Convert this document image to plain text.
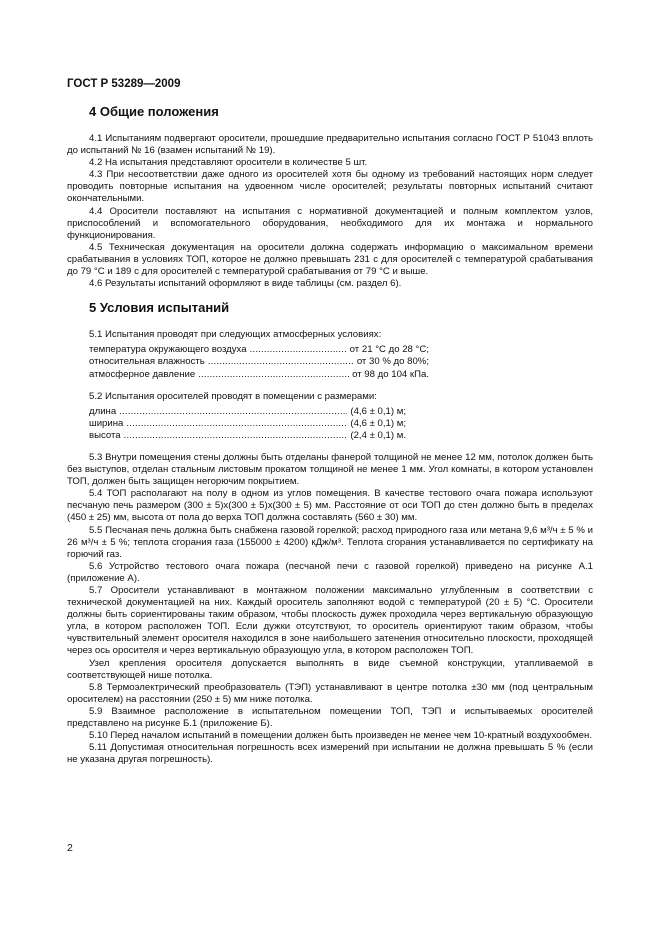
ГОСТ Р 53289—2009
4 Общие положения

4.1 Испытаниям подвергают оросители, прошедшие предварительно испытания согласно ГОСТ Р 51043 вплоть до испытаний № 16 (взамен испытаний № 19).

4.2 На испытания представляют оросители в количестве 5 шт.

4.3 При несоответствии даже одного из оросителей хотя бы одному из требований настоящих норм следует проводить повторные испытания на удвоенном числе оросителей; результаты повторных испытаний считают окончательными.

4.4 Оросители поставляют на испытания с нормативной документацией и полным комплектом узлов, приспособлений и вспомогательного оборудования, необходимого для их монтажа и нормального функционирования.

4.5 Техническая документация на оросители должна содержать информацию о максимальном времени срабатывания в условиях ТОП, которое не должно превышать 231 с для оросителей с температурой срабатывания до 79 °С и 189 с для оросителей с температурой срабатывания от 79 °С и выше.

4.6 Результаты испытаний оформляют в виде таблицы (см. раздел 6).

5 Условия испытаний

5.1 Испытания проводят при следующих атмосферных условиях:

температура окружающего воздуха .....	от 21 °С до 28 °С;
относительная влажность .....	от 30 % до 80%;
атмосферное давление .....	от 98 до 104 кПа.

5.2 Испытания оросителей проводят в помещении с размерами:

длина .....	(4,6 ± 0,1) м;
ширина .....	(4,6 ± 0,1) м;
высота .....	(2,4 ± 0,1) м.

5.3 Внутри помещения стены должны быть отделаны фанерой толщиной не менее 12 мм, потолок должен быть без выступов, отделан стальным листовым прокатом толщиной не менее 1 мм. Угол комнаты, в котором установлен ТОП, должен быть защищен негорючим покрытием.

5.4 ТОП располагают на полу в одном из углов помещения. В качестве тестового очага пожара используют песчаную печь размером (300 ± 5)х(300 ± 5)х(300 ± 5) мм. Расстояние от оси ТОП до стен должно быть в пределах (450 ± 25) мм, высота от пола до верха ТОП должна составлять (560 ± 30) мм.

5.5 Песчаная печь должна быть снабжена газовой горелкой; расход природного газа или метана 9,6 м³/ч ± 5 % и 26 м³/ч ± 5 %; теплота сгорания газа (155000 ± 4200) кДж/м³. Теплота сгорания устанавливается по сертификату на горючий газ.

5.6 Устройство тестового очага пожара (песчаной печи с газовой горелкой) приведено на рисунке А.1 (приложение А).

5.7 Оросители устанавливают в монтажном положении максимально углубленным в соответствии с технической документацией на них. Каждый ороситель заполняют водой с температурой (20 ± 5) °С. Оросители должны быть сориентированы таким образом, чтобы плоскость дужек проходила через вертикальную образующую угла, в котором расположен ТОП. Если дужки отсутствуют, то ороситель ориентируют таким образом, чтобы чувствительный элемент оросителя находился в зоне наибольшего затенения относительно плоскости, проходящей через ось оросителя и через вертикальную образующую угла, в котором расположен ТОП.

Узел крепления оросителя допускается выполнять в виде съемной конструкции, утапливаемой в соответствующей нише потолка.

5.8 Термоэлектрический преобразователь (ТЭП) устанавливают в центре потолка ±30 мм (под центральным оросителем) на расстоянии (250 ± 5) мм ниже потолка.

5.9 Взаимное расположение в испытательном помещении ТОП, ТЭП и испытываемых оросителей представлено на рисунке Б.1 (приложение Б).

5.10 Перед началом испытаний в помещении должен быть произведен не менее чем 10-кратный воздухообмен.

5.11 Допустимая относительная погрешность всех измерений при испытании не должна превышать 5 % (если не указана другая погрешность).

2
